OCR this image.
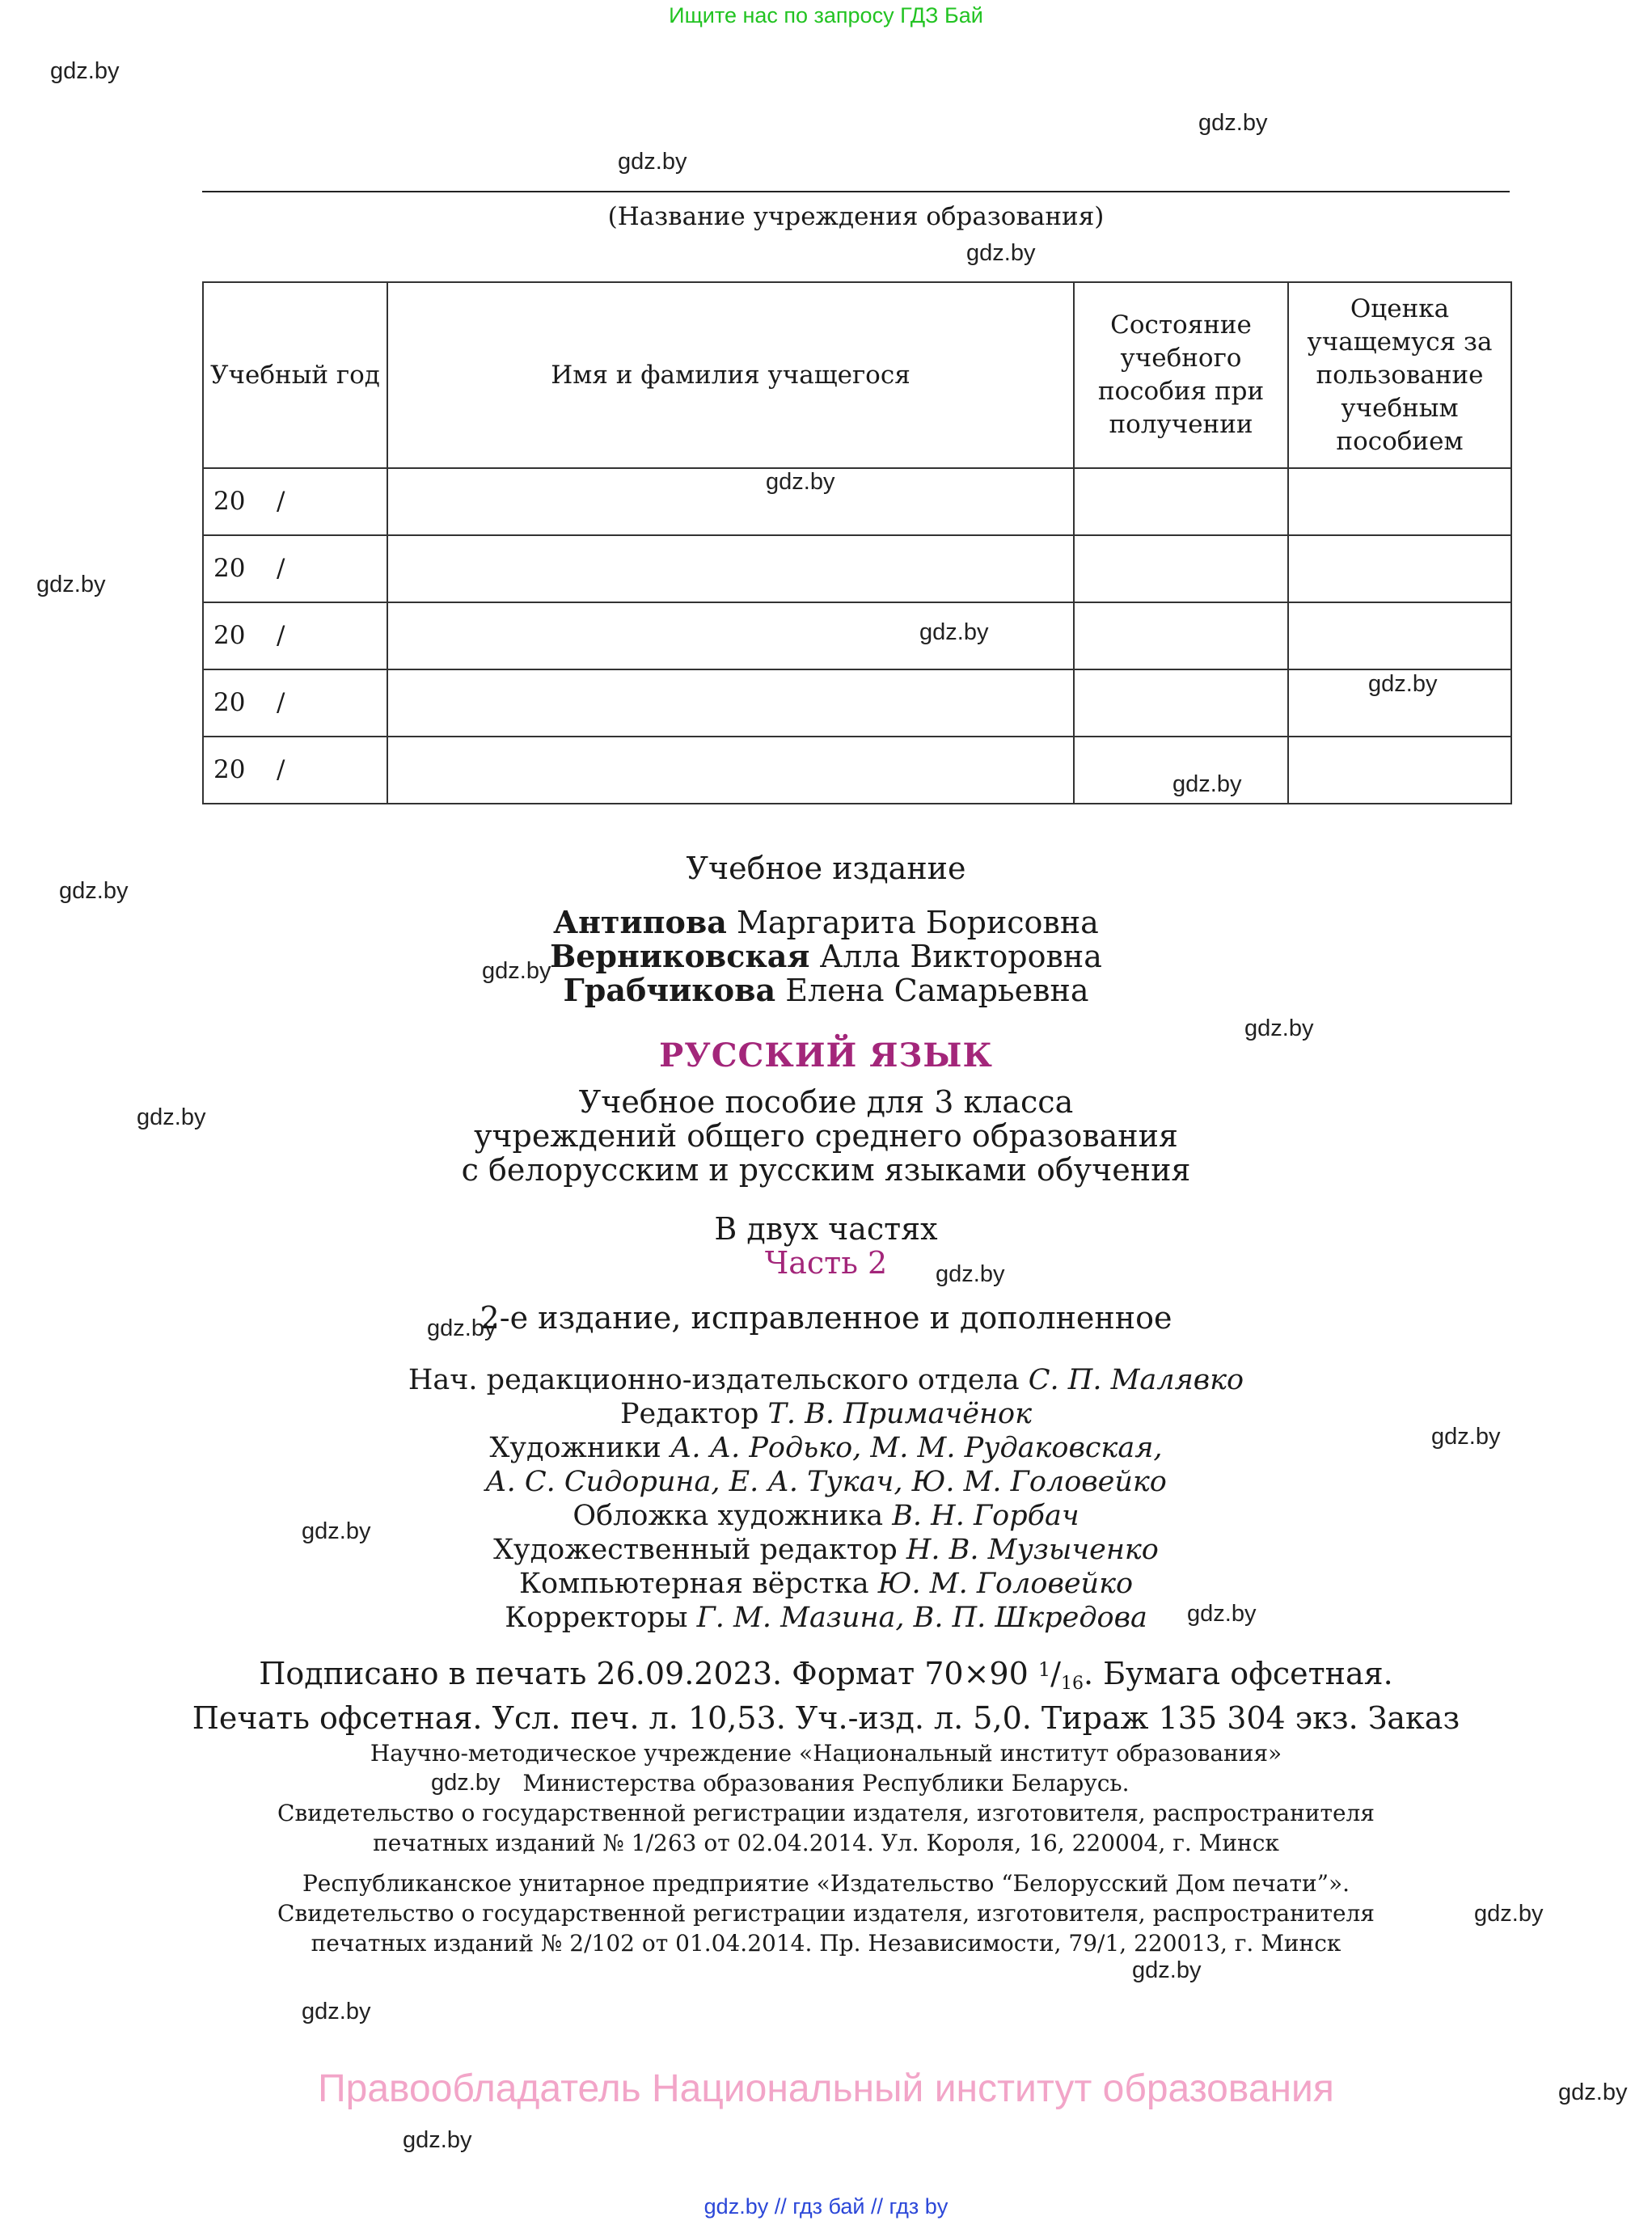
Ищите нас по запросу ГДЗ Бай
gdz.by
gdz.by
gdz.by
gdz.by
gdz.by
gdz.by
gdz.by
gdz.by
gdz.by
gdz.by
gdz.by
gdz.by
gdz.by
gdz.by
gdz.by
gdz.by
gdz.by
gdz.by
gdz.by
gdz.by
gdz.by
gdz.by
gdz.by
gdz.by
(Название учреждения образования)
Учебный год	Имя и фамилия учащегося	Состояние учебного пособия при получении	Оценка учащемуся за пользование учебным пособием
20 /			
20 /			
20 /			
20 /			
20 /			
Учебное издание
Антипова Маргарита Борисовна
Верниковская Алла Викторовна
Грабчикова Елена Самарьевна
РУССКИЙ ЯЗЫК
Учебное пособие для 3 класса
учреждений общего среднего образования
с белорусским и русским языками обучения
В двух частях
Часть 2
2-е издание, исправленное и дополненное
Нач. редакционно-издательского отдела С. П. Малявко
Редактор Т. В. Примачёнок
Художники А. А. Родько, М. М. Рудаковская,
А. С. Сидорина, Е. А. Тукач, Ю. М. Головейко
Обложка художника В. Н. Горбач
Художественный редактор Н. В. Музыченко
Компьютерная вёрстка Ю. М. Головейко
Корректоры Г. М. Мазина, В. П. Шкредова
Подписано в печать 26.09.2023. Формат 70×90 $^1/_{16}$. Бумага офсетная.
Печать офсетная. Усл. печ. л. 10,53. Уч.-изд. л. 5,0. Тираж 135 304 экз. Заказ
Научно-методическое учреждение «Национальный институт образования»
Министерства образования Республики Беларусь.
Свидетельство о государственной регистрации издателя, изготовителя, распространителя
печатных изданий № 1/263 от 02.04.2014. Ул. Короля, 16, 220004, г. Минск
Республиканское унитарное предприятие «Издательство “Белорусский Дом печати”».
Свидетельство о государственной регистрации издателя, изготовителя, распространителя
печатных изданий № 2/102 от 01.04.2014. Пр. Независимости, 79/1, 220013, г. Минск
Правообладатель Национальный институт образования
gdz.by // гдз бай // гдз by
